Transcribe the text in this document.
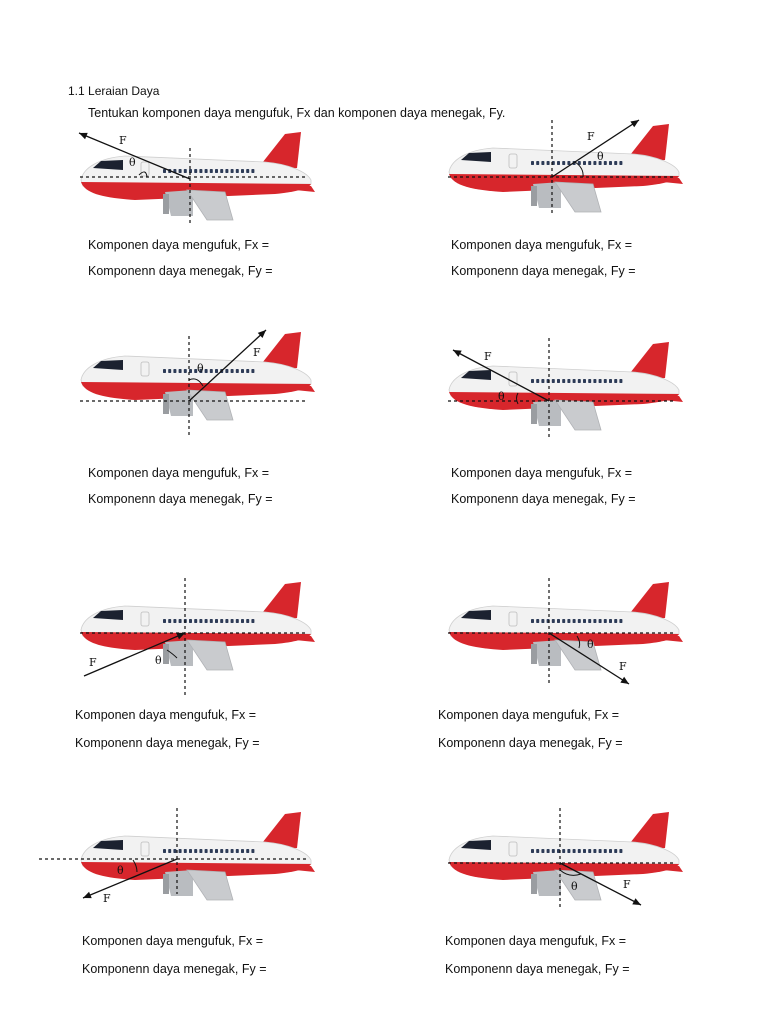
1.1 Leraian Daya
Tentukan komponen daya mengufuk, Fx dan komponen daya menegak, Fy.
F
θ
Komponen daya mengufuk, Fx =
Komponenn daya menegak, Fy =
F
θ
Komponen daya mengufuk, Fx =
Komponenn daya menegak, Fy =
F
θ
Komponen daya mengufuk, Fx =
Komponenn daya menegak, Fy =
F
θ
Komponen daya mengufuk, Fx =
Komponenn daya menegak, Fy =
F	θ
Komponen daya mengufuk, Fx =
Komponenn daya menegak, Fy =
F
θ
Komponen daya mengufuk, Fx =
Komponenn daya menegak, Fy =
F
θ
Komponen daya mengufuk, Fx =
Komponenn daya menegak, Fy =
F
θ
Komponen daya mengufuk, Fx =
Komponenn daya menegak, Fy =
